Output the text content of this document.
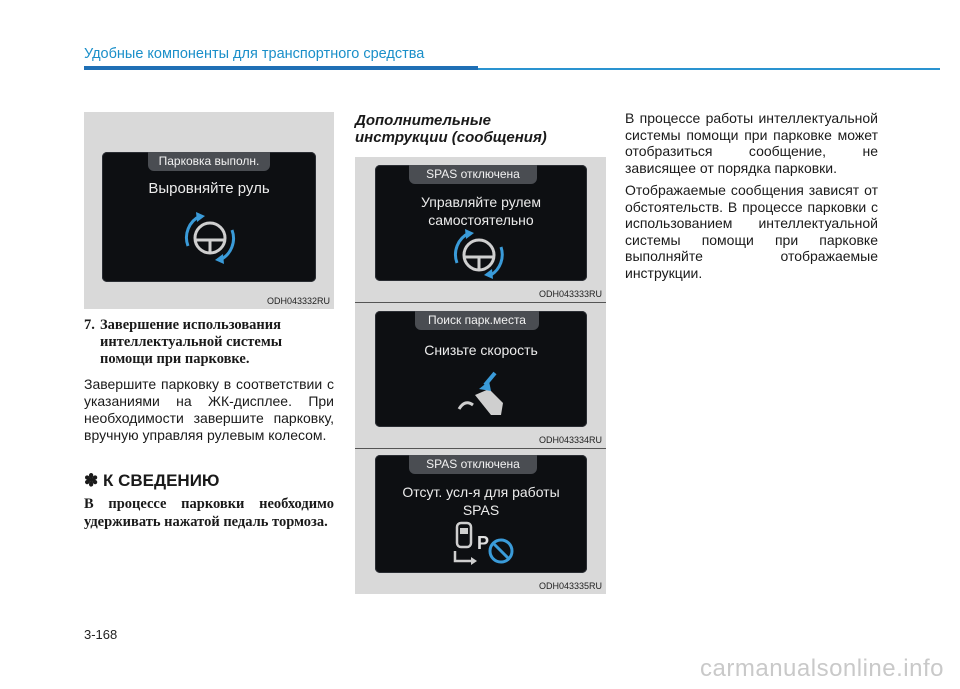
Удобные компоненты для транспортного средства
Парковка выполн.
Выровняйте руль
ODH043332RU
7. Завершение использования
интеллектуальной системы
помощи при парковке.
Завершите парковку в соответствии с указаниями на ЖК-дисплее. При необходимости завершите парковку, вручную управляя рулевым колесом.
✽ К СВЕДЕНИЮ
В процессе парковки необходимо удерживать нажатой педаль тормоза.
Дополнительные
инструкции (сообщения)
SPAS отключена
Управляйте рулем
самостоятельно
ODH043333RU
Поиск парк.места
Снизьте скорость
ODH043334RU
SPAS отключена
Отсут. усл-я для работы
SPAS
P
ODH043335RU

В процессе работы интеллектуальной системы помощи при парковке может отобразиться сообщение, не зависящее от порядка парковки.

Отображаемые сообщения зависят от обстоятельств. В процессе парковки с использованием интеллектуальной системы помощи при парковке выполняйте отображаемые инструкции.

3-168
carmanualsonline.info
